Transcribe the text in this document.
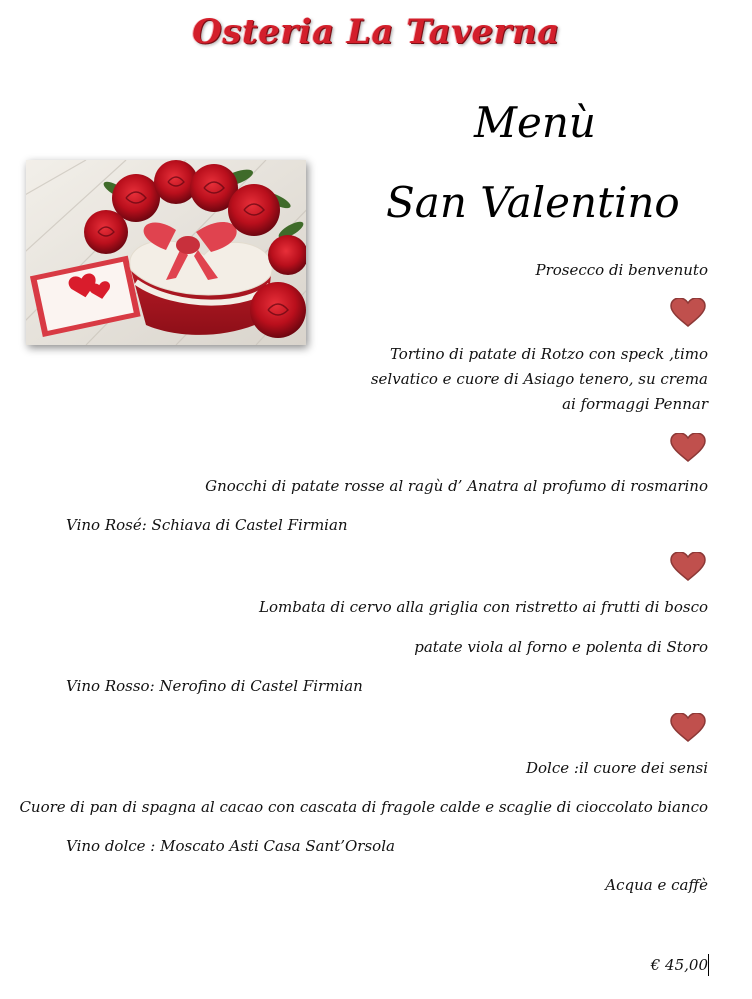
Osteria La Taverna
Menù
San Valentino
Prosecco di benvenuto
Tortino di patate di Rotzo con speck ,timo
selvatico e cuore di Asiago tenero, su crema
ai formaggi Pennar
Gnocchi di patate rosse al ragù d’ Anatra al profumo di rosmarino
Vino Rosé: Schiava di Castel Firmian
Lombata di cervo alla griglia con ristretto ai frutti di bosco
patate viola al forno e polenta di Storo
Vino Rosso: Nerofino di Castel Firmian
Dolce :il cuore dei sensi
Cuore di pan di spagna al cacao con cascata di fragole calde e scaglie di cioccolato bianco
Vino dolce : Moscato Asti Casa Sant’Orsola
Acqua e caffè
€ 45,00
